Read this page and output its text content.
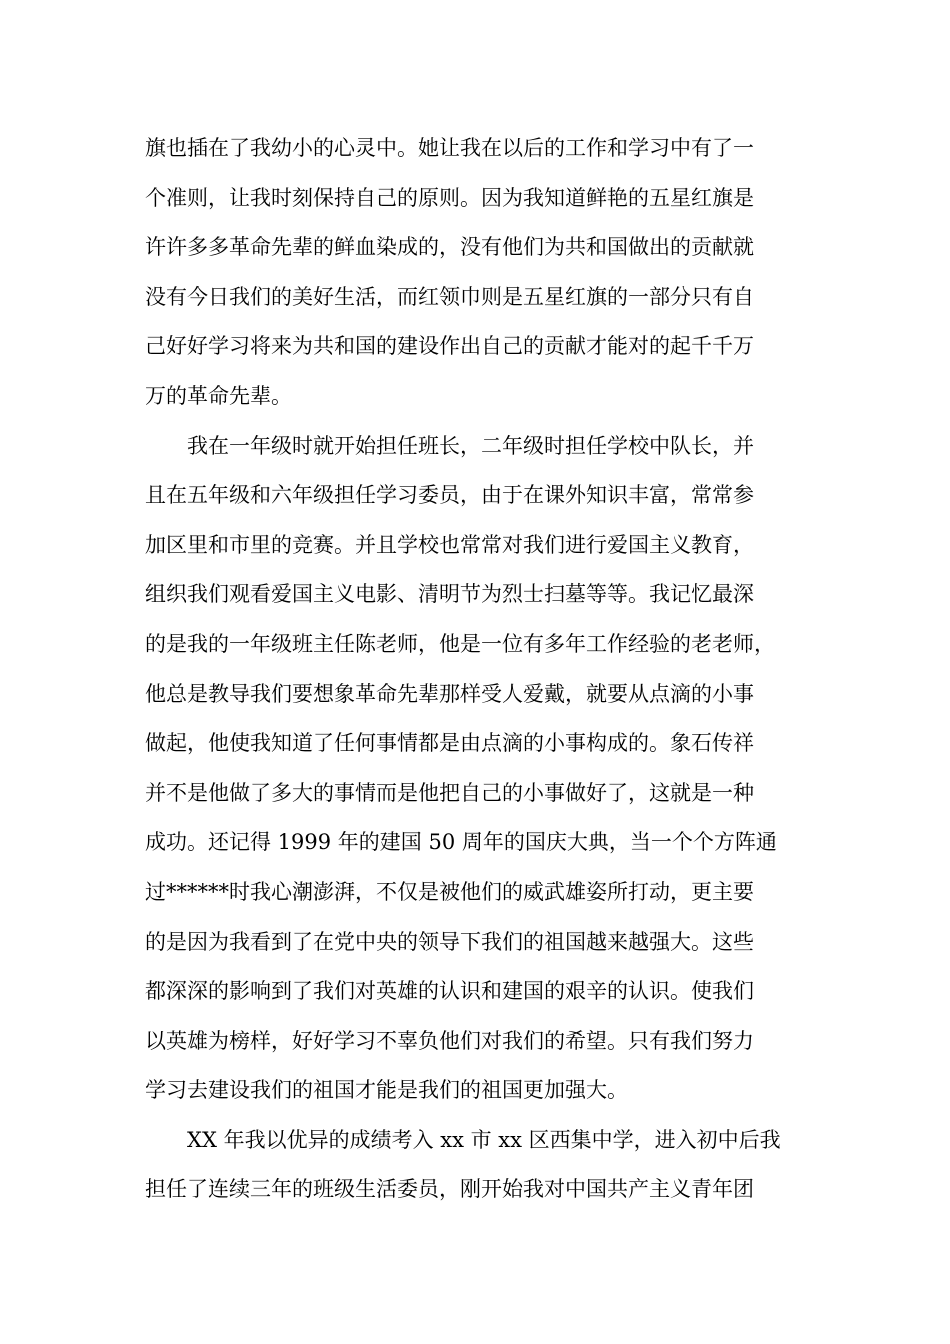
旗也插在了我幼小的心灵中。她让我在以后的工作和学习中有了一
个准则，让我时刻保持自己的原则。因为我知道鲜艳的五星红旗是
许许多多革命先辈的鲜血染成的，没有他们为共和国做出的贡献就
没有今日我们的美好生活，而红领巾则是五星红旗的一部分只有自
己好好学习将来为共和国的建设作出自己的贡献才能对的起千千万
万的革命先辈。
　　我在一年级时就开始担任班长，二年级时担任学校中队长，并
且在五年级和六年级担任学习委员，由于在课外知识丰富，常常参
加区里和市里的竞赛。并且学校也常常对我们进行爱国主义教育，
组织我们观看爱国主义电影、清明节为烈士扫墓等等。我记忆最深
的是我的一年级班主任陈老师，他是一位有多年工作经验的老老师，
他总是教导我们要想象革命先辈那样受人爱戴，就要从点滴的小事
做起，他使我知道了任何事情都是由点滴的小事构成的。象石传祥
并不是他做了多大的事情而是他把自己的小事做好了，这就是一种
成功。还记得 1999 年的建国 50 周年的国庆大典，当一个个方阵通
过******时我心潮澎湃，不仅是被他们的威武雄姿所打动，更主要
的是因为我看到了在党中央的领导下我们的祖国越来越强大。这些
都深深的影响到了我们对英雄的认识和建国的艰辛的认识。使我们
以英雄为榜样，好好学习不辜负他们对我们的希望。只有我们努力
学习去建设我们的祖国才能是我们的祖国更加强大。
　　XX 年我以优异的成绩考入 xx 市 xx 区西集中学，进入初中后我
担任了连续三年的班级生活委员，刚开始我对中国共产主义青年团
